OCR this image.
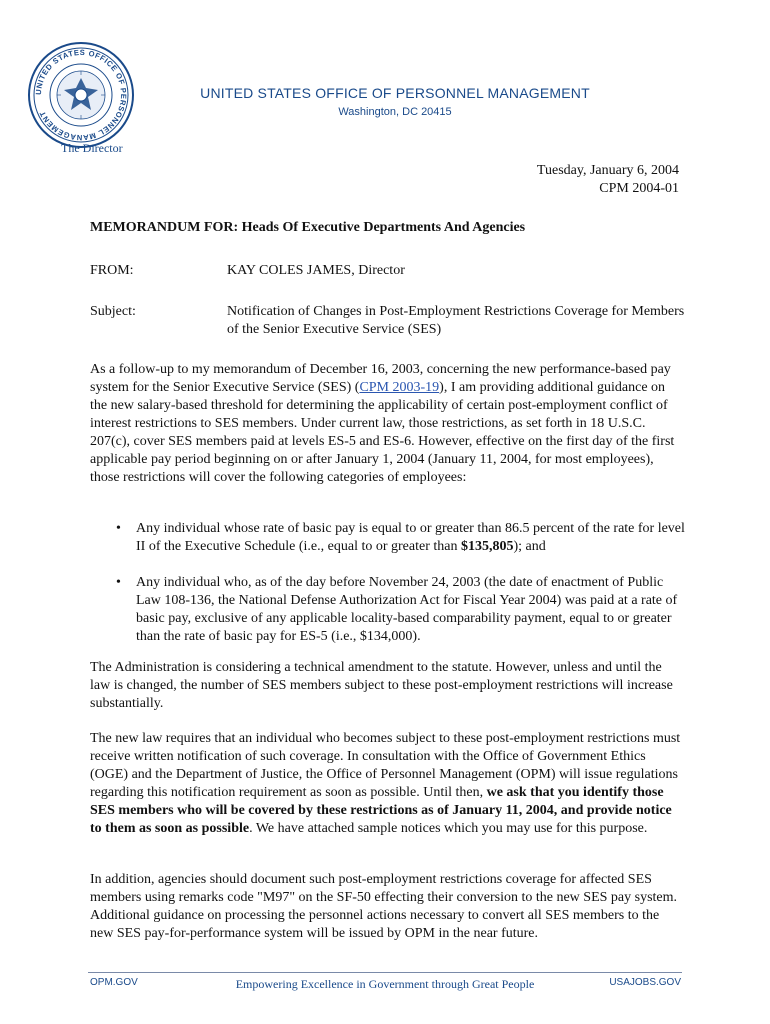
UNITED STATES OFFICE OF PERSONNEL MANAGEMENT
UNITED STATES OFFICE OF PERSONNEL MANAGEMENT
Washington, DC 20415
The Director
Tuesday, January 6, 2004
CPM 2004-01
MEMORANDUM FOR: Heads Of Executive Departments And Agencies
FROM:	KAY COLES JAMES, Director
Subject:	Notification of Changes in Post-Employment Restrictions Coverage for Members of the Senior Executive Service (SES)

As a follow-up to my memorandum of December 16, 2003, concerning the new performance-based pay system for the Senior Executive Service (SES) (CPM 2003-19), I am providing additional guidance on the new salary-based threshold for determining the applicability of certain post-employment conflict of interest restrictions to SES members. Under current law, those restrictions, as set forth in 18 U.S.C. 207(c), cover SES members paid at levels ES-5 and ES-6. However, effective on the first day of the first applicable pay period beginning on or after January 1, 2004 (January 11, 2004, for most employees), those restrictions will cover the following categories of employees:

• Any individual whose rate of basic pay is equal to or greater than 86.5 percent of the rate for level II of the Executive Schedule (i.e., equal to or greater than $135,805); and
• Any individual who, as of the day before November 24, 2003 (the date of enactment of Public Law 108-136, the National Defense Authorization Act for Fiscal Year 2004) was paid at a rate of basic pay, exclusive of any applicable locality-based comparability payment, equal to or greater than the rate of basic pay for ES-5 (i.e., $134,000).

The Administration is considering a technical amendment to the statute. However, unless and until the law is changed, the number of SES members subject to these post-employment restrictions will increase substantially.

The new law requires that an individual who becomes subject to these post-employment restrictions must receive written notification of such coverage. In consultation with the Office of Government Ethics (OGE) and the Department of Justice, the Office of Personnel Management (OPM) will issue regulations regarding this notification requirement as soon as possible. Until then, we ask that you identify those SES members who will be covered by these restrictions as of January 11, 2004, and provide notice to them as soon as possible. We have attached sample notices which you may use for this purpose.

In addition, agencies should document such post-employment restrictions coverage for affected SES members using remarks code "M97" on the SF-50 effecting their conversion to the new SES pay system. Additional guidance on processing the personnel actions necessary to convert all SES members to the new SES pay-for-performance system will be issued by OPM in the near future.

OPM.GOV	Empowering Excellence in Government through Great People	USAJOBS.GOV
